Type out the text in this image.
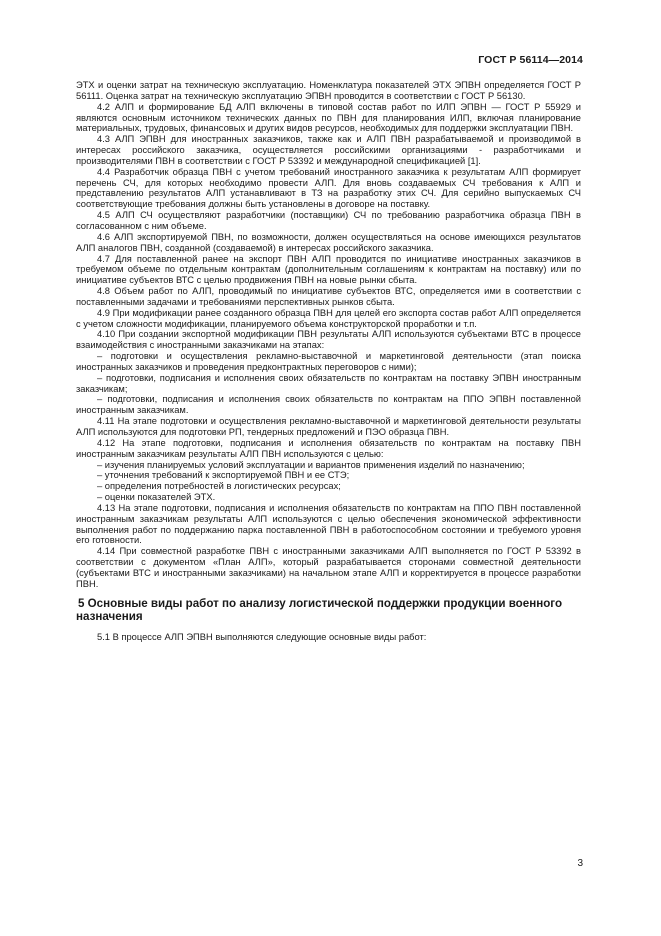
ГОСТ Р 56114—2014

ЭТХ и оценки затрат на техническую эксплуатацию. Номенклатура показателей ЭТХ ЭПВН определяется ГОСТ Р 56111. Оценка затрат на техническую эксплуатацию ЭПВН проводится в соответствии с ГОСТ Р 56130.

4.2 АЛП и формирование БД АЛП включены в типовой состав работ по ИЛП ЭПВН — ГОСТ Р 55929 и являются основным источником технических данных по ПВН для планирования ИЛП, включая планирование материальных, трудовых, финансовых и других видов ресурсов, необходимых для поддержки эксплуатации ПВН.

4.3 АЛП ЭПВН для иностранных заказчиков, также как и АЛП ПВН разрабатываемой и производимой в интересах российского заказчика, осуществляется российскими организациями - разработчиками и производителями ПВН в соответствии с ГОСТ Р 53392 и международной спецификацией [1].

4.4 Разработчик образца ПВН с учетом требований иностранного заказчика к результатам АЛП формирует перечень СЧ, для которых необходимо провести АЛП. Для вновь создаваемых СЧ требования к АЛП и представлению результатов АЛП устанавливают в ТЗ на разработку этих СЧ. Для серийно выпускаемых СЧ соответствующие требования должны быть установлены в договоре на поставку.

4.5 АЛП СЧ осуществляют разработчики (поставщики) СЧ по требованию разработчика образца ПВН в согласованном с ним объеме.

4.6 АЛП экспортируемой ПВН, по возможности, должен осуществляться на основе имеющихся результатов АЛП аналогов ПВН, созданной (создаваемой) в интересах российского заказчика.

4.7 Для поставленной ранее на экспорт ПВН АЛП проводится по инициативе иностранных заказчиков в требуемом объеме по отдельным контрактам (дополнительным соглашениям к контрактам на поставку) или по инициативе субъектов ВТС с целью продвижения ПВН на новые рынки сбыта.

4.8 Объем работ по АЛП, проводимый по инициативе субъектов ВТС, определяется ими в соответствии с поставленными задачами и требованиями перспективных рынков сбыта.

4.9 При модификации ранее созданного образца ПВН для целей его экспорта состав работ АЛП определяется с учетом сложности модификации, планируемого объема конструкторской проработки и т.п.

4.10 При создании экспортной модификации ПВН результаты АЛП используются субъектами ВТС в процессе взаимодействия с иностранными заказчиками на этапах:

– подготовки и осуществления рекламно-выставочной и маркетинговой деятельности (этап поиска иностранных заказчиков и проведения предконтрактных переговоров с ними);

– подготовки, подписания и исполнения своих обязательств по контрактам на поставку ЭПВН иностранным заказчикам;

– подготовки, подписания и исполнения своих обязательств по контрактам на ППО ЭПВН поставленной иностранным заказчикам.

4.11 На этапе подготовки и осуществления рекламно-выставочной и маркетинговой деятельности результаты АЛП используются для подготовки РП, тендерных предложений и ПЭО образца ПВН.

4.12 На этапе подготовки, подписания и исполнения обязательств по контрактам на поставку ПВН иностранным заказчикам результаты АЛП ПВН используются с целью:

– изучения планируемых условий эксплуатации и вариантов применения изделий по назначению;

– уточнения требований к экспортируемой ПВН и ее СТЭ;

– определения потребностей в логистических ресурсах;

– оценки показателей ЭТХ.

4.13 На этапе подготовки, подписания и исполнения обязательств по контрактам на ППО ПВН поставленной иностранным заказчикам результаты АЛП используются с целью обеспечения экономической эффективности выполнения работ по поддержанию парка поставленной ПВН в работоспособном состоянии и требуемого уровня его готовности.

4.14 При совместной разработке ПВН с иностранными заказчиками АЛП выполняется по ГОСТ Р 53392 в соответствии с документом «План АЛП», который разрабатывается сторонами совместной деятельности (субъектами ВТС и иностранными заказчиками) на начальном этапе АЛП и корректируется в процессе разработки ПВН.

5 Основные виды работ по анализу логистической поддержки продукции военного назначения

5.1 В процессе АЛП ЭПВН выполняются следующие основные виды работ:

3
